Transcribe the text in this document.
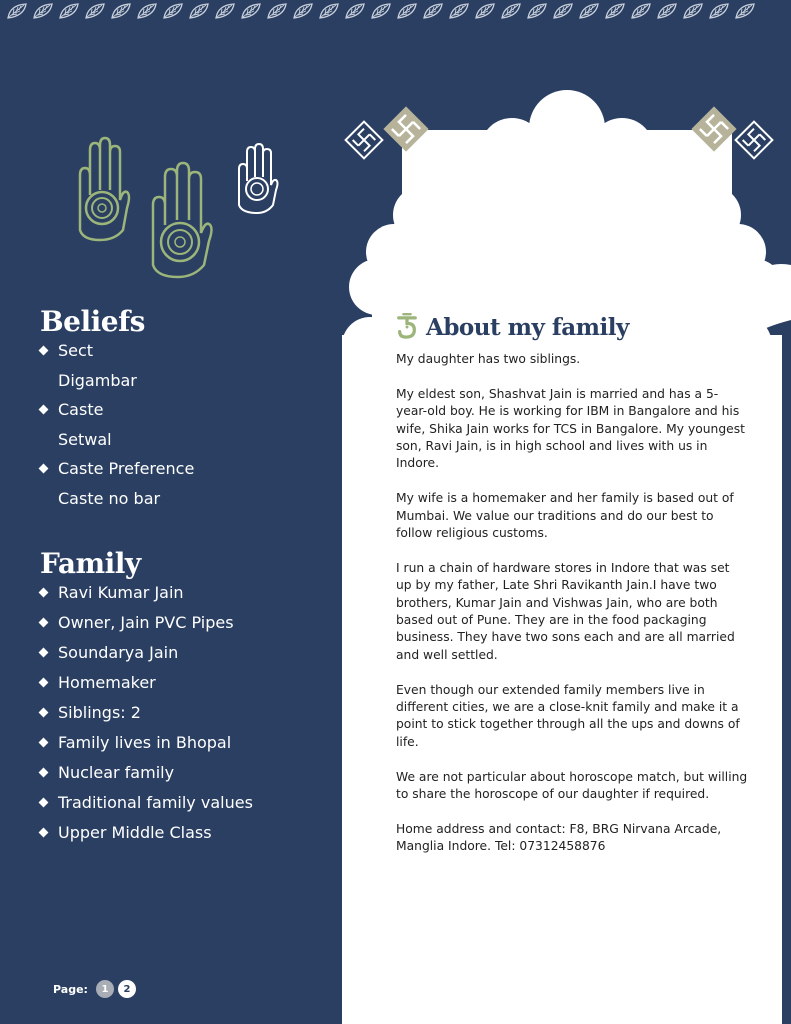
Beliefs
Sect
Digambar
Caste
Setwal
Caste Preference
Caste no bar
Family
Ravi Kumar Jain
Owner, Jain PVC Pipes
Soundarya Jain
Homemaker
Siblings: 2
Family lives in Bhopal
Nuclear family
Traditional family values
Upper Middle Class
About my family

My daughter has two siblings.

My eldest son, Shashvat Jain is married and has a 5-year-old boy. He is working for IBM in Bangalore and his wife, Shika Jain works for TCS in Bangalore. My youngest son, Ravi Jain, is in high school and lives with us in Indore.

My wife is a homemaker and her family is based out of Mumbai. We value our traditions and do our best to follow religious customs.

I run a chain of hardware stores in Indore that was set up by my father, Late Shri Ravikanth Jain.I have two brothers, Kumar Jain and Vishwas Jain, who are both based out of Pune. They are in the food packaging business. They have two sons each and are all married and well settled.

Even though our extended family members live in different cities, we are a close-knit family and make it a point to stick together through all the ups and downs of life.

We are not particular about horoscope match, but willing to share the horoscope of our daughter if required.

Home address and contact: F8, BRG Nirvana Arcade, Manglia Indore. Tel: 07312458876

Page:	1	2
